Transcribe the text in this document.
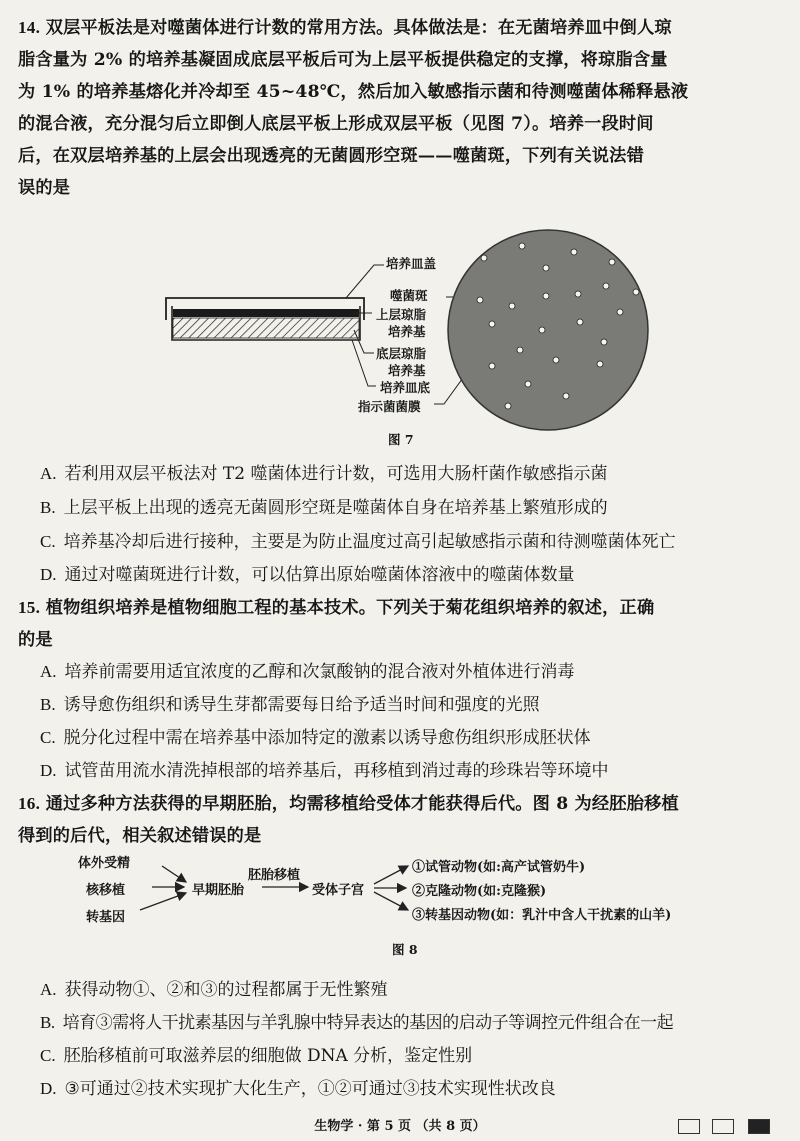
14. 双层平板法是对噬菌体进行计数的常用方法。具体做法是：在无菌培养皿中倒人琼

脂含量为 2% 的培养基凝固成底层平板后可为上层平板提供稳定的支撑，将琼脂含量

为 1% 的培养基熔化并冷却至 45~48℃，然后加入敏感指示菌和待测噬菌体稀释悬液

的混合液，充分混匀后立即倒人底层平板上形成双层平板（见图 7）。培养一段时间

后，在双层培养基的上层会出现透亮的无菌圆形空斑——噬菌斑，下列有关说法错

误的是

培养皿盖
噬菌斑
上层琼脂
培养基
底层琼脂
培养基
培养皿底
指示菌菌膜
图 7
A. 若利用双层平板法对 T2 噬菌体进行计数，可选用大肠杆菌作敏感指示菌
B. 上层平板上出现的透亮无菌圆形空斑是噬菌体自身在培养基上繁殖形成的
C. 培养基冷却后进行接种，主要是为防止温度过高引起敏感指示菌和待测噬菌体死亡
D. 通过对噬菌斑进行计数，可以估算出原始噬菌体溶液中的噬菌体数量

15. 植物组织培养是植物细胞工程的基本技术。下列关于菊花组织培养的叙述，正确

的是

A. 培养前需要用适宜浓度的乙醇和次氯酸钠的混合液对外植体进行消毒
B. 诱导愈伤组织和诱导生芽都需要每日给予适当时间和强度的光照
C. 脱分化过程中需在培养基中添加特定的激素以诱导愈伤组织形成胚状体
D. 试管苗用流水清洗掉根部的培养基后，再移植到消过毒的珍珠岩等环境中

16. 通过多种方法获得的早期胚胎，均需移植给受体才能获得后代。图 8 为经胚胎移植

得到的后代，相关叙述错误的是

体外受精
核移植
转基因
早期胚胎
胚胎移植
受体子宫
①试管动物(如:高产试管奶牛)
②克隆动物(如:克隆猴)
③转基因动物(如：乳汁中含人干扰素的山羊)
图 8
A. 获得动物①、②和③的过程都属于无性繁殖
B. 培育③需将人干扰素基因与羊乳腺中特异表达的基因的启动子等调控元件组合在一起
C. 胚胎移植前可取滋养层的细胞做 DNA 分析，鉴定性别
D. ③可通过②技术实现扩大化生产，①②可通过③技术实现性状改良
生物学 · 第 5 页 （共 8 页）
